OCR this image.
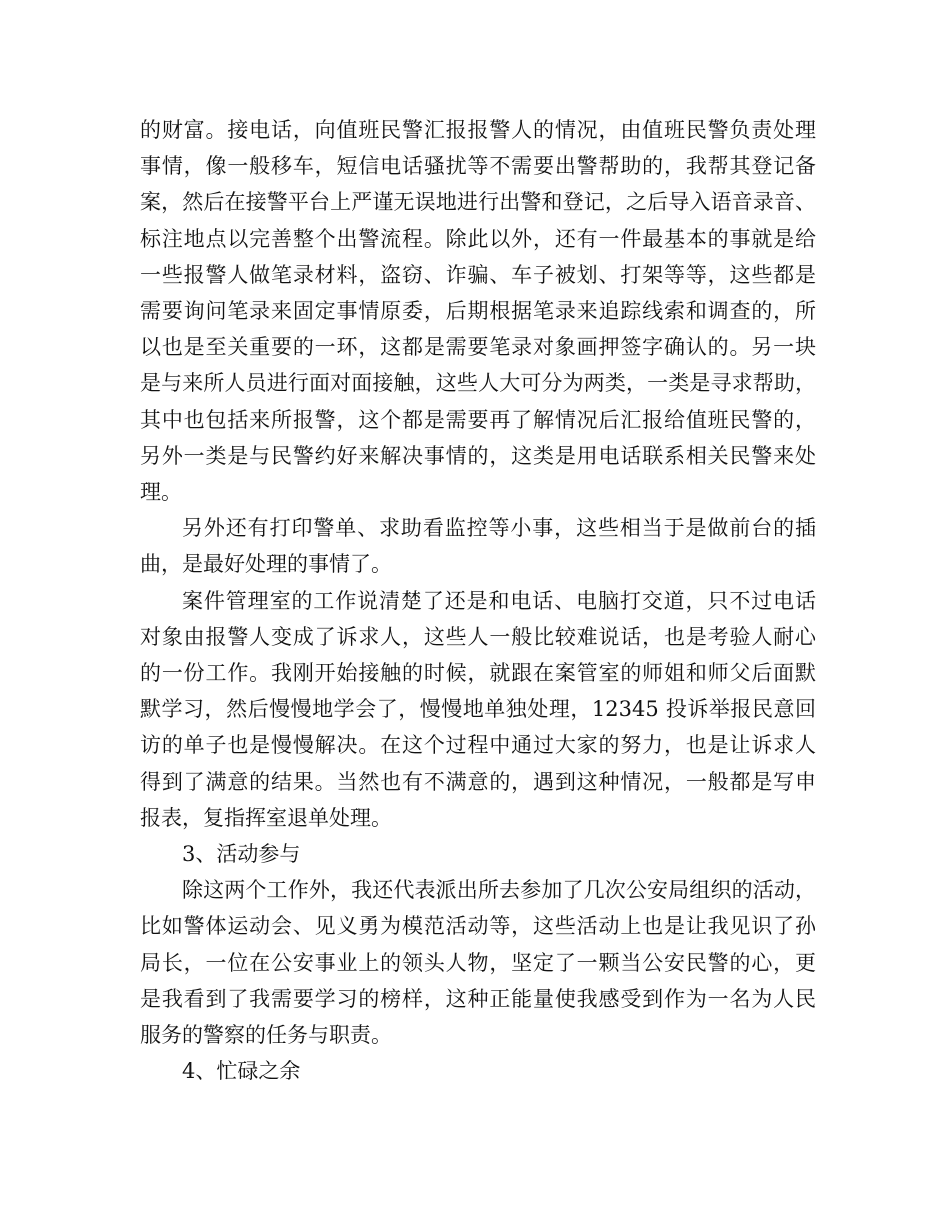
的财富。接电话，向值班民警汇报报警人的情况，由值班民警负责处理
事情，像一般移车，短信电话骚扰等不需要出警帮助的，我帮其登记备
案，然后在接警平台上严谨无误地进行出警和登记，之后导入语音录音、
标注地点以完善整个出警流程。除此以外，还有一件最基本的事就是给
一些报警人做笔录材料，盗窃、诈骗、车子被划、打架等等，这些都是
需要询问笔录来固定事情原委，后期根据笔录来追踪线索和调查的，所
以也是至关重要的一环，这都是需要笔录对象画押签字确认的。另一块
是与来所人员进行面对面接触，这些人大可分为两类，一类是寻求帮助，
其中也包括来所报警，这个都是需要再了解情况后汇报给值班民警的，
另外一类是与民警约好来解决事情的，这类是用电话联系相关民警来处
理。
另外还有打印警单、求助看监控等小事，这些相当于是做前台的插
曲，是最好处理的事情了。
案件管理室的工作说清楚了还是和电话、电脑打交道，只不过电话
对象由报警人变成了诉求人，这些人一般比较难说话，也是考验人耐心
的一份工作。我刚开始接触的时候，就跟在案管室的师姐和师父后面默
默学习，然后慢慢地学会了，慢慢地单独处理，12345 投诉举报民意回
访的单子也是慢慢解决。在这个过程中通过大家的努力，也是让诉求人
得到了满意的结果。当然也有不满意的，遇到这种情况，一般都是写申
报表，复指挥室退单处理。
3、活动参与
除这两个工作外，我还代表派出所去参加了几次公安局组织的活动，
比如警体运动会、见义勇为模范活动等，这些活动上也是让我见识了孙
局长，一位在公安事业上的领头人物，坚定了一颗当公安民警的心，更
是我看到了我需要学习的榜样，这种正能量使我感受到作为一名为人民
服务的警察的任务与职责。
4、忙碌之余
